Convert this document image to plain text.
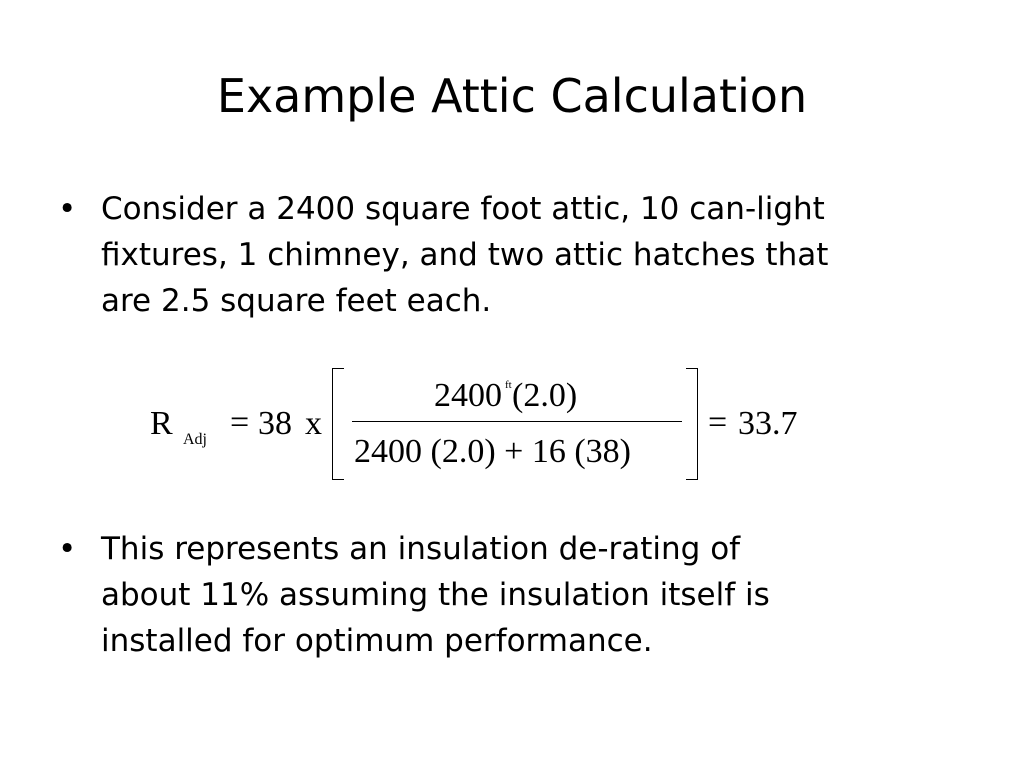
Example Attic Calculation
• Consider a 2400 square foot attic, 10 can-light
fixtures, 1 chimney, and two attic hatches that
are 2.5 square feet each.
R Adj = 38 x
2400 ft (2.0)
2400 (2.0) + 16 (38)
= 33.7
• This represents an insulation de-rating of
about 11% assuming the insulation itself is
installed for optimum performance.
